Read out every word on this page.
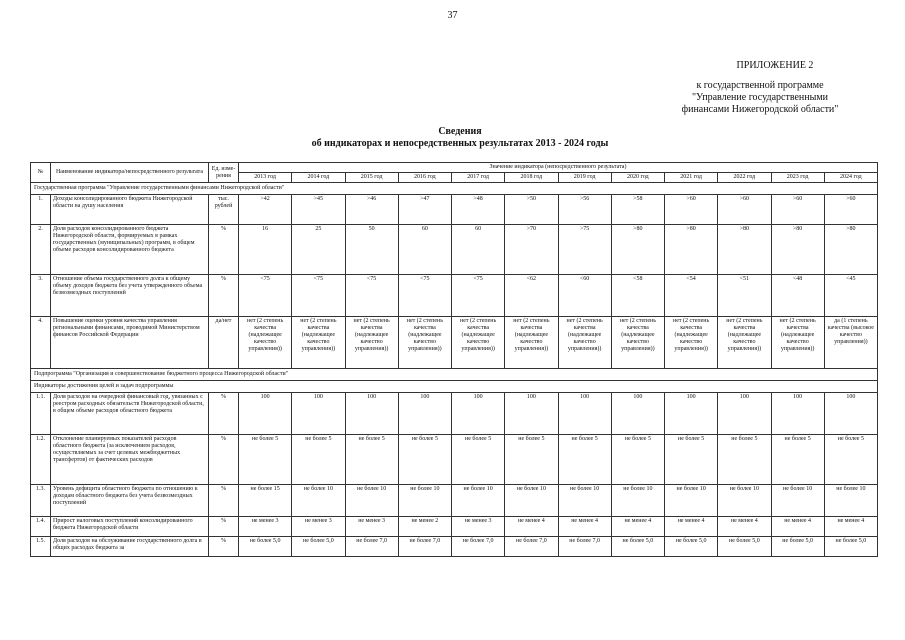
37
ПРИЛОЖЕНИЕ 2
к государственной программе
"Управление государственными
финансами Нижегородской области"
Сведения
об индикаторах и непосредственных результатах 2013 - 2024 годы
№	Наименование индикатора/непосредственного результата	Ед. изме-рения	Значение индикатора (непосредственного результата)											
			2013 год	2014 год	2015 год	2016 год	2017 год	2018 год	2019 год	2020 год	2021 год	2022 год	2023 год	2024 год
Государственная программа "Управление государственными финансами Нижегородской области"														
1.	Доходы консолидированного бюджета Нижегородской области на душу населения	тыс. рублей	>42	>45	>46	>47	>48	>50	>56	>58	>60	>60	>60	>60
2.	Доля расходов консолидированного бюджета Нижегородской области, формируемых в рамках государственных (муниципальных) программ, в общем объеме расходов консолидированного бюджета	%	16	25	50	60	60	>70	>75	>80	>80	>80	>80	>80
3.	Отношение объема государственного долга к общему объему доходов бюджета без учета утвержденного объема безвозмездных поступлений	%	<75	<75	<75	<75	<75	<62	<60	<58	<54	<51	<48	<45
4.	Повышение оценки уровня качества управления региональными финансами, проводимой Министерством финансов Российской Федерации	да/нет	нет (2 степень качества (надлежащее качество управления))	нет (2 степень качества (надлежащее качество управления))	нет (2 степень качества (надлежащее качество управления))	нет (2 степень качества (надлежащее качество управления))	нет (2 степень качества (надлежащее качество управления))	нет (2 степень качества (надлежащее качество управления))	нет (2 степень качества (надлежащее качество управления))	нет (2 степень качества (надлежащее качество управления))	нет (2 степень качества (надлежащее качество управления))	нет (2 степень качества (надлежащее качество управления))	нет (2 степень качества (надлежащее качество управления))	да (1 степень качества (высокое качество управления))
Подпрограмма "Организация и совершенствование бюджетного процесса Нижегородской области"														
Индикаторы достижения целей и задач подпрограммы														
1.1.	Доля расходов на очередной финансовый год, увязанных с реестром расходных обязательств Нижегородской области, в общем объеме расходов областного бюджета	%	100	100	100	100	100	100	100	100	100	100	100	100
1.2.	Отклонение планируемых показателей расходов областного бюджета (за исключением расходов, осуществляемых за счет целевых межбюджетных трансфертов) от фактических расходов	%	не более 5	не более 5	не более 5	не более 5	не более 5	не более 5	не более 5	не более 5	не более 5	не более 5	не более 5	не более 5
1.3.	Уровень дефицита областного бюджета по отношению к доходам областного бюджета без учета безвозмездных поступлений	%	не более 15	не более 10	не более 10	не более 10	не более 10	не более 10	не более 10	не более 10	не более 10	не более 10	не более 10	не более 10
1.4.	Прирост налоговых поступлений консолидированного бюджета Нижегородской области	%	не менее 3	не менее 3	не менее 3	не менее 2	не менее 3	не менее 4	не менее 4	не менее 4	не менее 4	не менее 4	не менее 4	не менее 4
1.5.	Доля расходов на обслуживание государственного долга в общих расходах бюджета за	%	не более 5,0	не более 5,0	не более 7,0	не более 7,0	не более 7,0	не более 7,0	не более 7,0	не более 5,0	не более 5,0	не более 5,0	не более 5,0	не более 5,0
